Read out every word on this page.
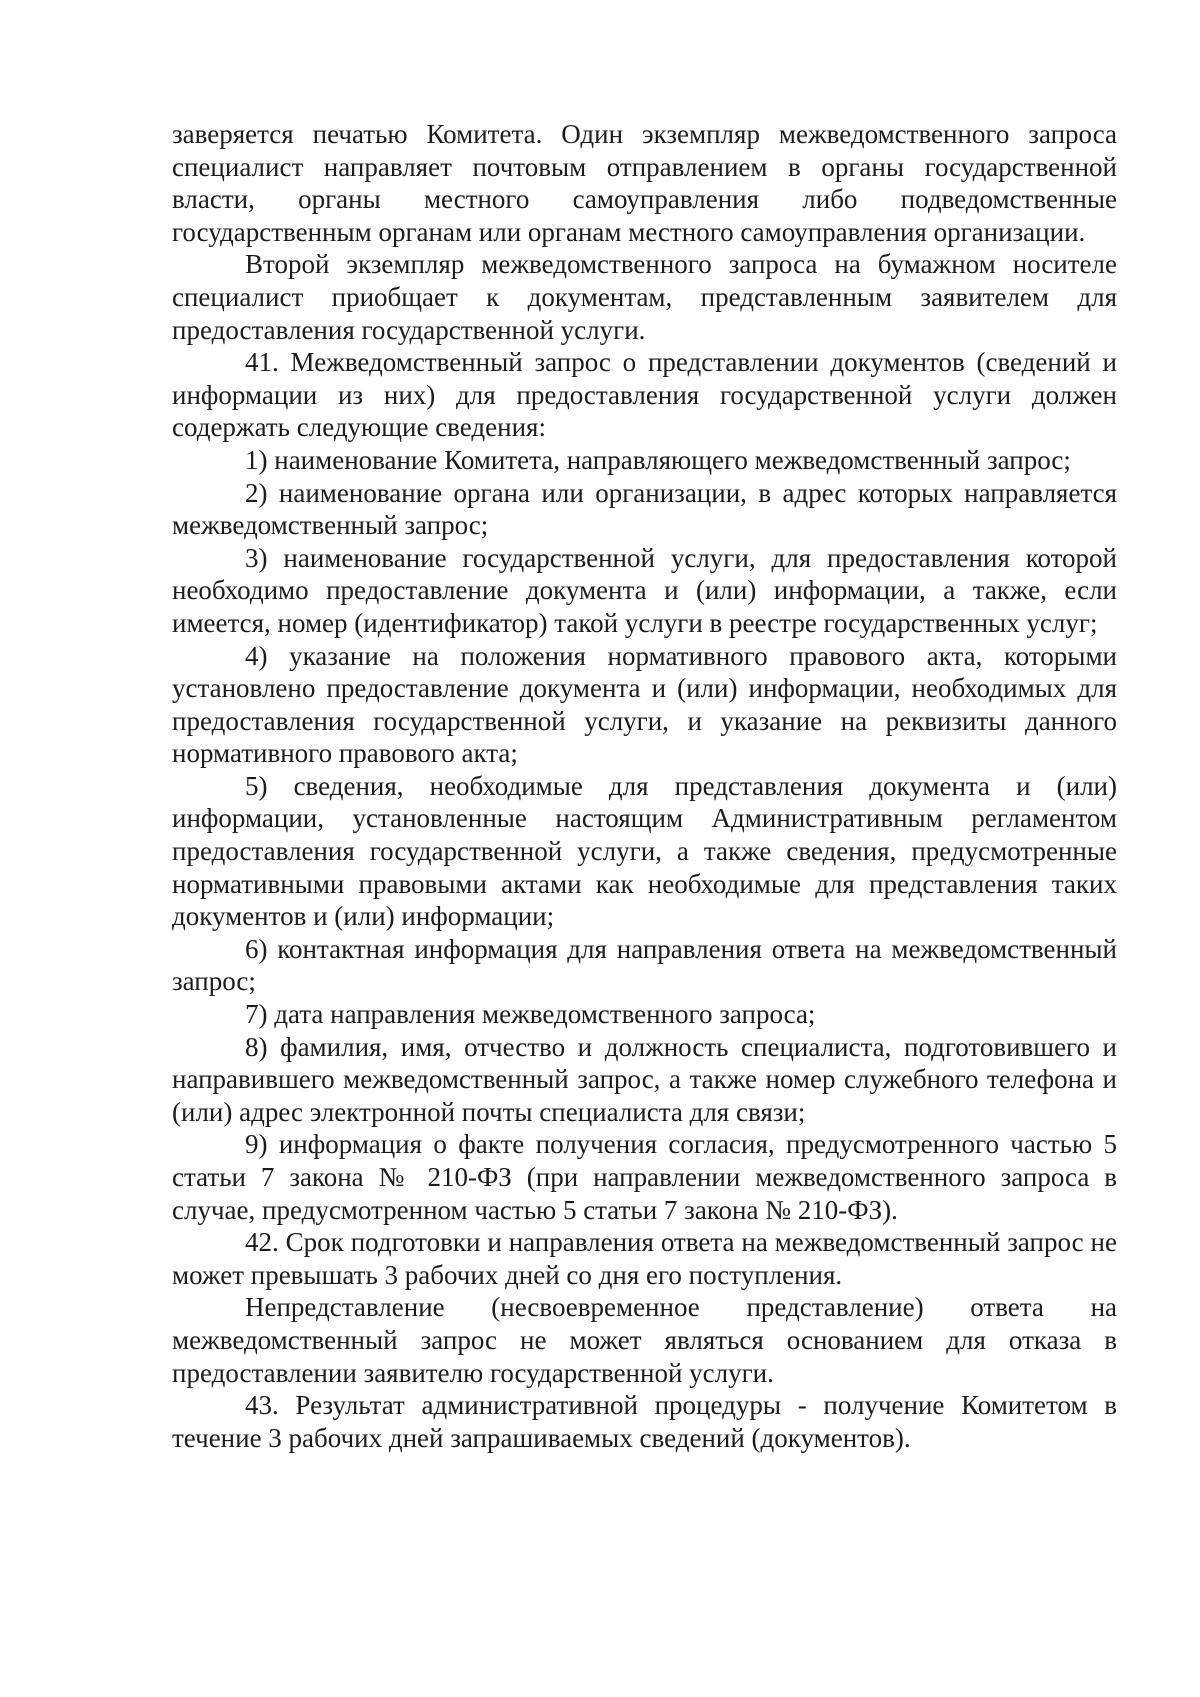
заверяется печатью Комитета. Один экземпляр межведомственного запроса специалист направляет почтовым отправлением в органы государственной власти, органы местного самоуправления либо подведомственные государственным органам или органам местного самоуправления организации.

Второй экземпляр межведомственного запроса на бумажном носителе специалист приобщает к документам, представленным заявителем для предоставления государственной услуги.

41. Межведомственный запрос о представлении документов (сведений и информации из них) для предоставления государственной услуги должен содержать следующие сведения:

1) наименование Комитета, направляющего межведомственный запрос;

2) наименование органа или организации, в адрес которых направляется межведомственный запрос;

3) наименование государственной услуги, для предоставления которой необходимо предоставление документа и (или) информации, а также, если имеется, номер (идентификатор) такой услуги в реестре государственных услуг;

4) указание на положения нормативного правового акта, которыми установлено предоставление документа и (или) информации, необходимых для предоставления государственной услуги, и указание на реквизиты данного нормативного правового акта;

5) сведения, необходимые для представления документа и (или) информации, установленные настоящим Административным регламентом предоставления государственной услуги, а также сведения, предусмотренные нормативными правовыми актами как необходимые для представления таких документов и (или) информации;

6) контактная информация для направления ответа на межведомственный запрос;

7) дата направления межведомственного запроса;

8) фамилия, имя, отчество и должность специалиста, подготовившего и направившего межведомственный запрос, а также номер служебного телефона и (или) адрес электронной почты специалиста для связи;

9) информация о факте получения согласия, предусмотренного частью 5 статьи 7 закона № 210-ФЗ (при направлении межведомственного запроса в случае, предусмотренном частью 5 статьи 7 закона № 210-ФЗ).

42. Срок подготовки и направления ответа на межведомственный запрос не может превышать 3 рабочих дней со дня его поступления.

Непредставление (несвоевременное представление) ответа на межведомственный запрос не может являться основанием для отказа в предоставлении заявителю государственной услуги.

43. Результат административной процедуры - получение Комитетом в течение 3 рабочих дней запрашиваемых сведений (документов).
